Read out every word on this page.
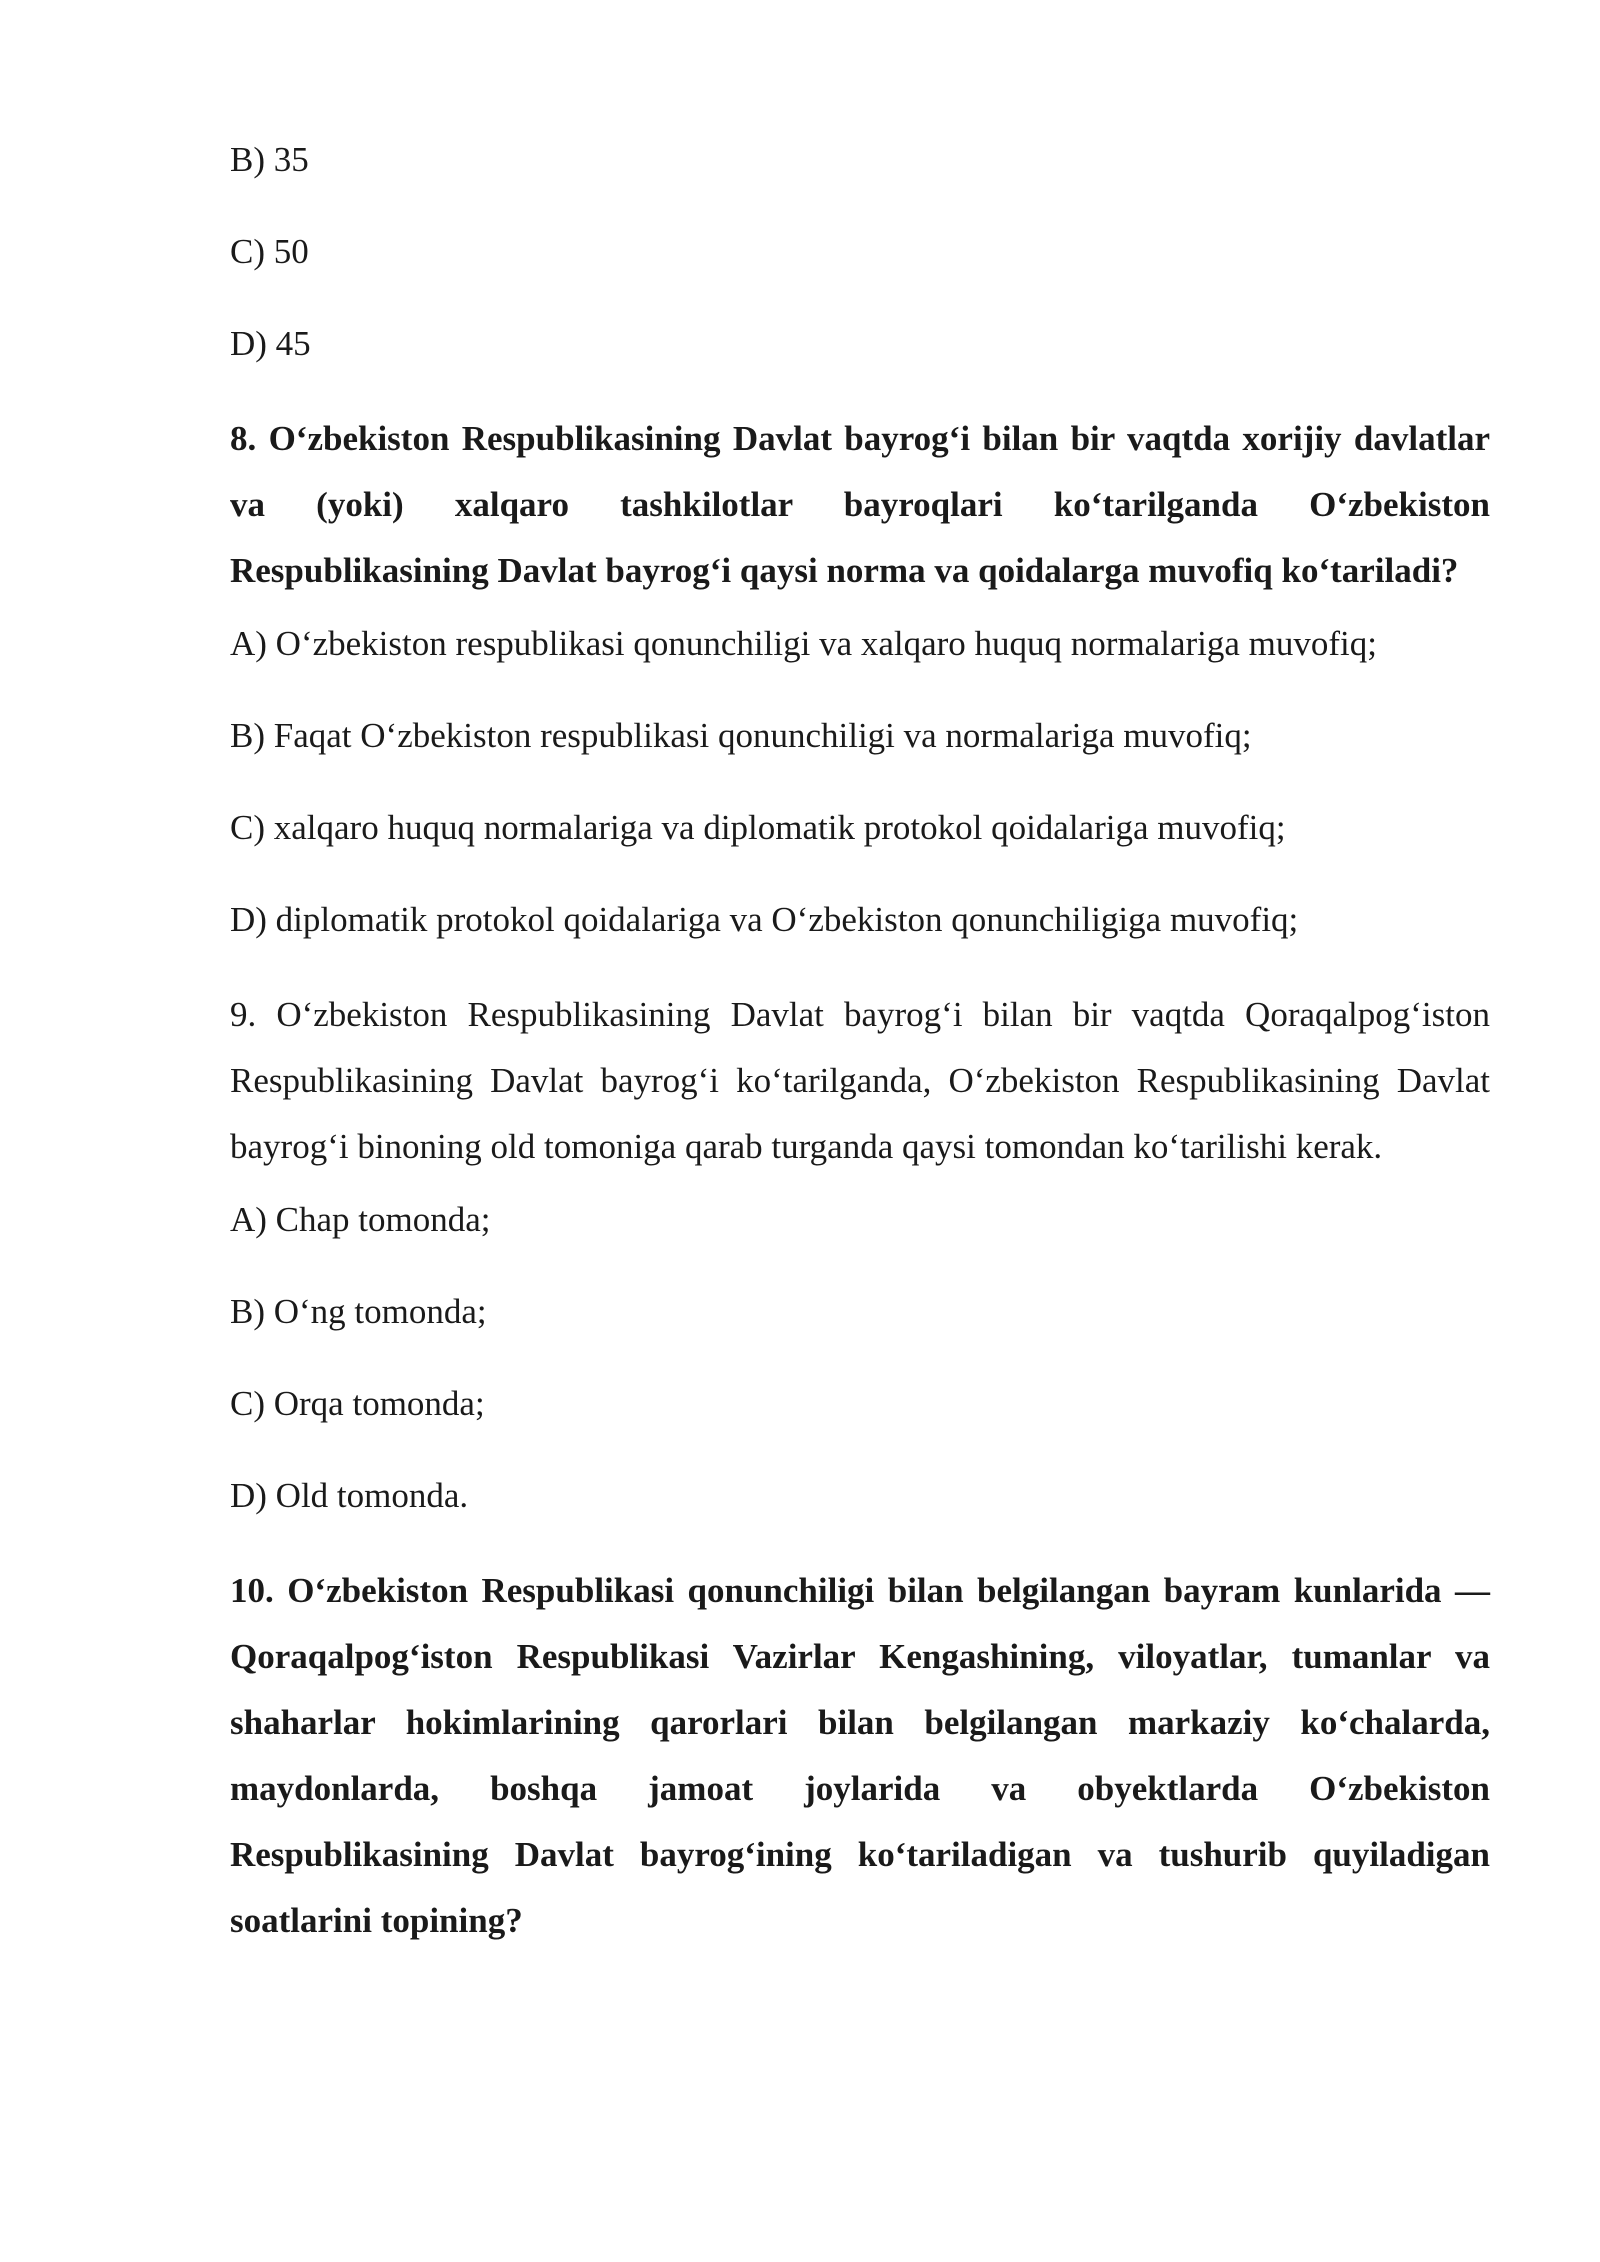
B) 35
C) 50
D) 45
8. O‘zbekiston Respublikasining Davlat bayrog‘i bilan bir vaqtda xorijiy davlatlar va (yoki) xalqaro tashkilotlar bayroqlari ko‘tarilganda O‘zbekiston Respublikasining Davlat bayrog‘i qaysi norma va qoidalarga muvofiq ko‘tariladi?
A) O‘zbekiston respublikasi qonunchiligi va xalqaro huquq normalariga muvofiq;
B) Faqat O‘zbekiston respublikasi qonunchiligi va normalariga muvofiq;
C) xalqaro huquq normalariga va diplomatik protokol qoidalariga muvofiq;
D) diplomatik protokol qoidalariga va O‘zbekiston qonunchiligiga muvofiq;
9. O‘zbekiston Respublikasining Davlat bayrog‘i bilan bir vaqtda Qoraqalpog‘iston Respublikasining Davlat bayrog‘i ko‘tarilganda, O‘zbekiston Respublikasining Davlat bayrog‘i binoning old tomoniga qarab turganda qaysi tomondan ko‘tarilishi kerak.
A) Chap tomonda;
B) O‘ng tomonda;
C) Orqa tomonda;
D) Old tomonda.
10. O‘zbekiston Respublikasi qonunchiligi bilan belgilangan bayram kunlarida — Qoraqalpog‘iston Respublikasi Vazirlar Kengashining, viloyatlar, tumanlar va shaharlar hokimlarining qarorlari bilan belgilangan markaziy ko‘chalarda, maydonlarda, boshqa jamoat joylarida va obyektlarda O‘zbekiston Respublikasining Davlat bayrog‘ining ko‘tariladigan va tushurib quyiladigan soatlarini topining?
